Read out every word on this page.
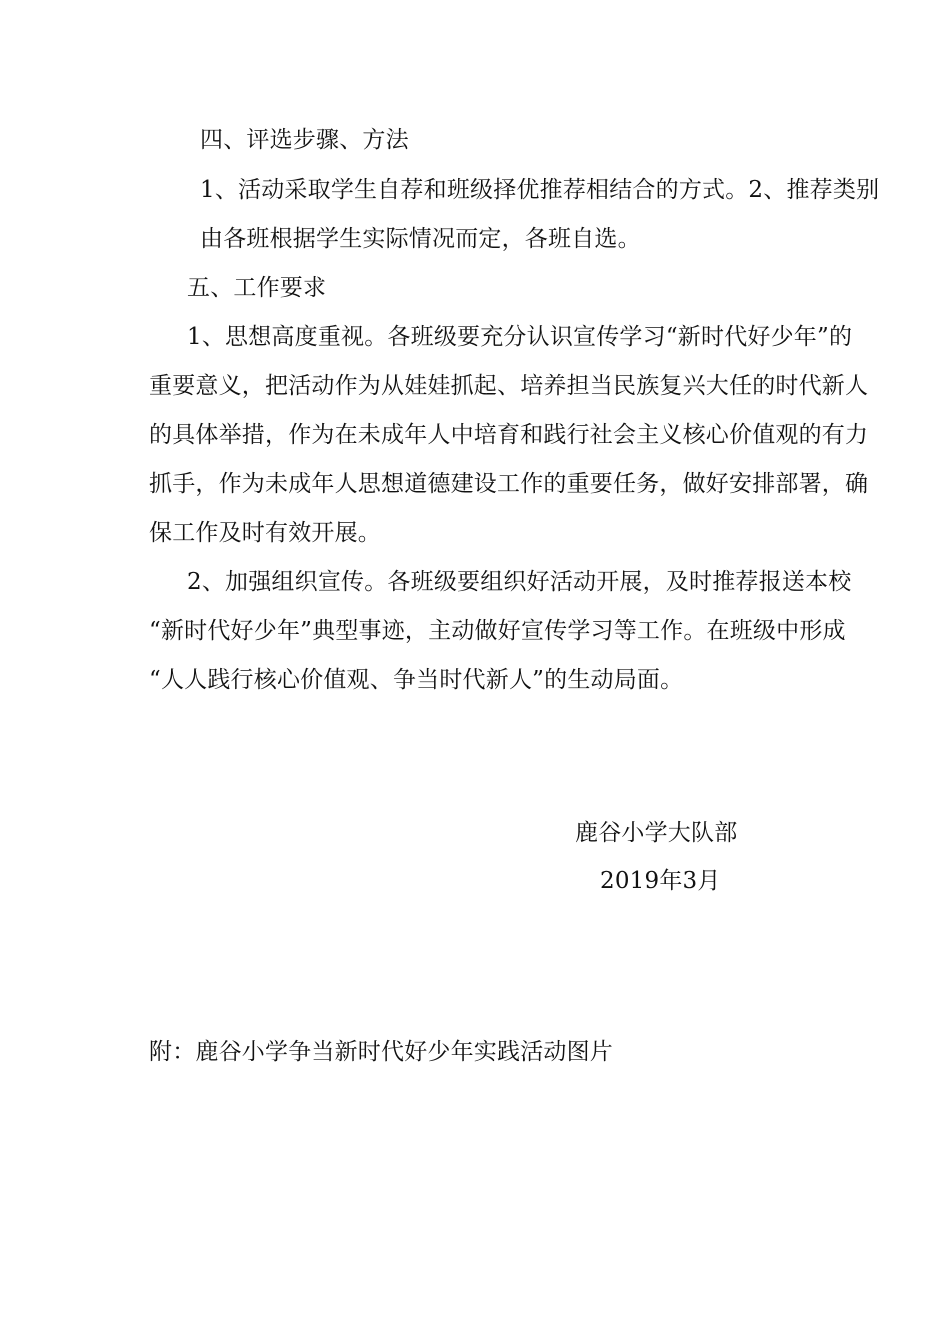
四、评选步骤、方法
1、活动采取学生自荐和班级择优推荐相结合的方式。2、推荐类别
由各班根据学生实际情况而定，各班自选。
五、工作要求
1、思想高度重视。各班级要充分认识宣传学习“新时代好少年”的
重要意义，把活动作为从娃娃抓起、培养担当民族复兴大任的时代新人
的具体举措，作为在未成年人中培育和践行社会主义核心价值观的有力
抓手，作为未成年人思想道德建设工作的重要任务，做好安排部署，确
保工作及时有效开展。
2、加强组织宣传。各班级要组织好活动开展，及时推荐报送本校
“新时代好少年”典型事迹，主动做好宣传学习等工作。在班级中形成
“人人践行核心价值观、争当时代新人”的生动局面。
鹿谷小学大队部
2019年3月
附：鹿谷小学争当新时代好少年实践活动图片
